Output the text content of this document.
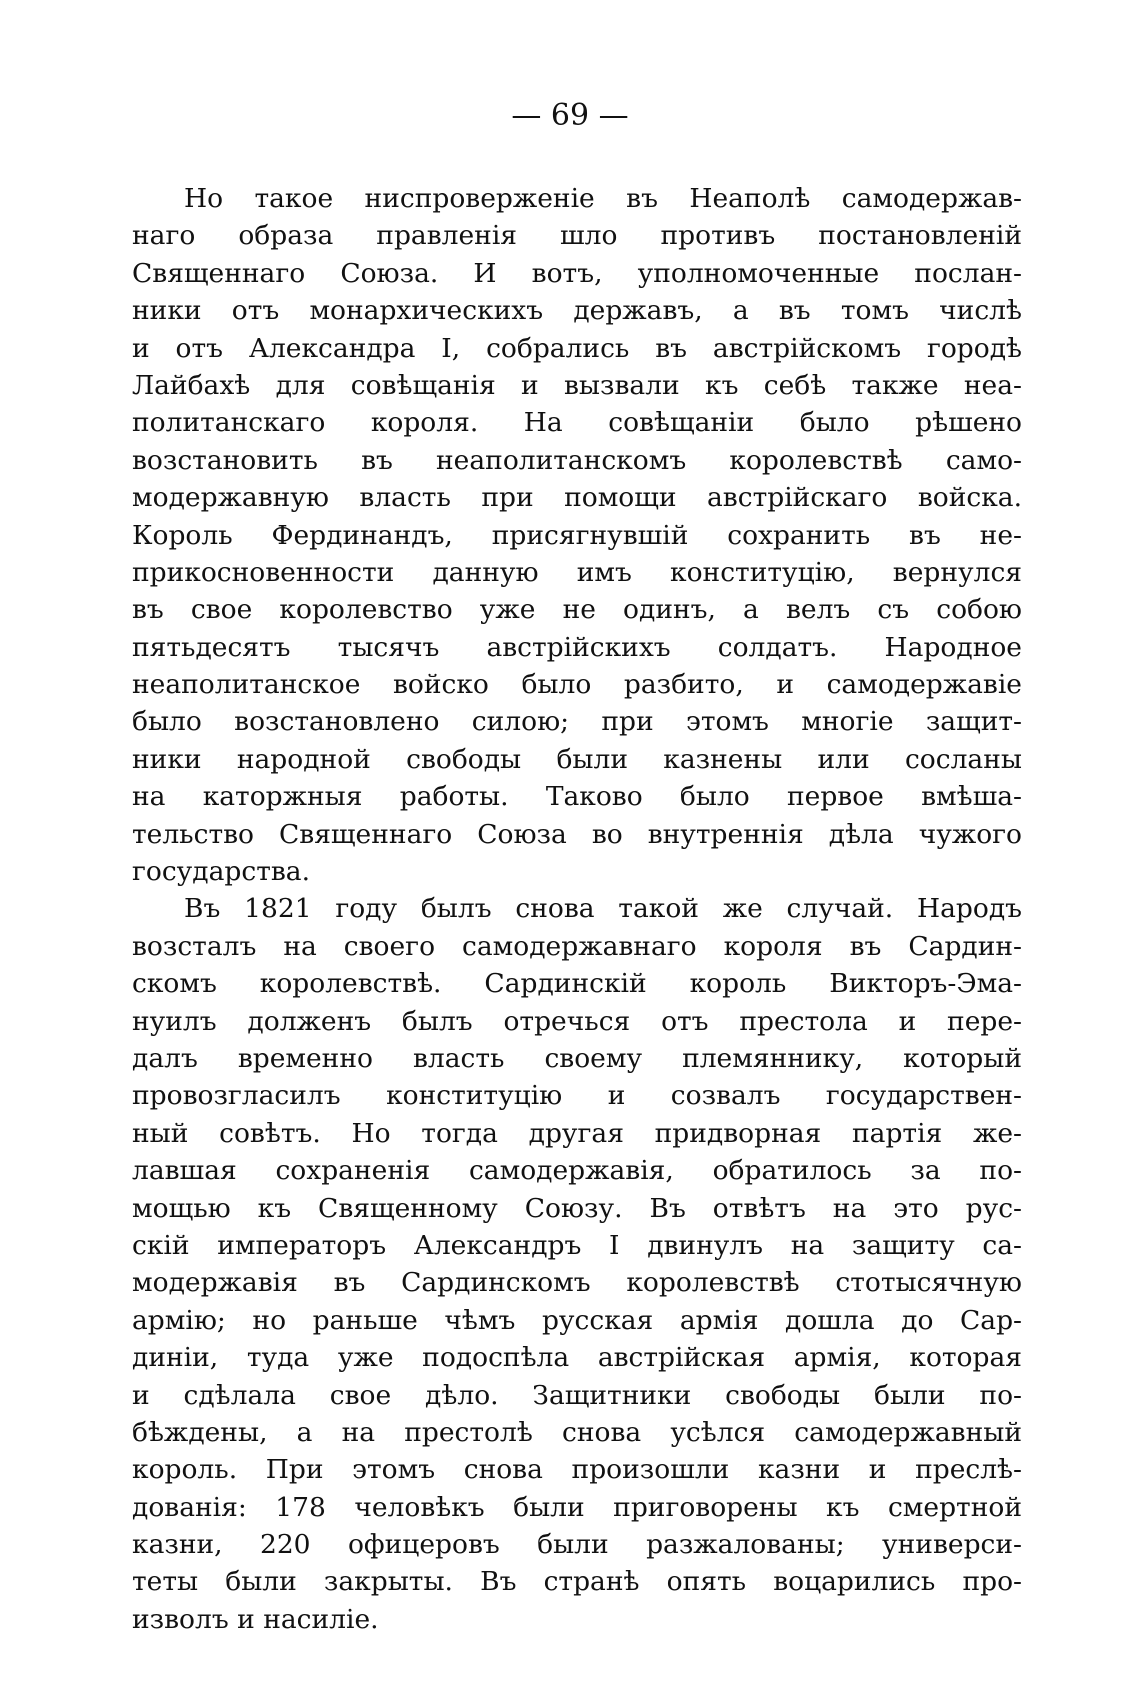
— 69 —
Но такое ниспроверженіе въ Неаполѣ самодержав-
наго образа правленія шло противъ постановленій
Священнаго Союза. И вотъ, уполномоченные послан-
ники отъ монархическихъ державъ, а въ томъ числѣ
и отъ Александра I, собрались въ австрійскомъ городѣ
Лайбахѣ для совѣщанія и вызвали къ себѣ также неа-
политанскаго короля. На совѣщаніи было рѣшено
возстановить въ неаполитанскомъ королевствѣ само-
модержавную власть при помощи австрійскаго войска.
Король Фердинандъ, присягнувшій сохранить въ не-
прикосновенности данную имъ конституцію, вернулся
въ свое королевство уже не одинъ, а велъ съ собою
пятьдесятъ тысячъ австрійскихъ солдатъ. Народное
неаполитанское войско было разбито, и самодержавіе
было возстановлено силою; при этомъ многіе защит-
ники народной свободы были казнены или сосланы
на каторжныя работы. Таково было первое вмѣша-
тельство Священнаго Союза во внутреннія дѣла чужого
государства.
Въ 1821 году былъ снова такой же случай. Народъ
возсталъ на своего самодержавнаго короля въ Сардин-
скомъ королевствѣ. Сардинскій король Викторъ-Эма-
нуилъ долженъ былъ отречься отъ престола и пере-
далъ временно власть своему племяннику, который
провозгласилъ конституцію и созвалъ государствен-
ный совѣтъ. Но тогда другая придворная партія же-
лавшая сохраненія самодержавія, обратилось за по-
мощью къ Священному Союзу. Въ отвѣтъ на это рус-
скій императоръ Александръ I двинулъ на защиту са-
модержавія въ Сардинскомъ королевствѣ стотысячную
армію; но раньше чѣмъ русская армія дошла до Сар-
диніи, туда уже подоспѣла австрійская армія, которая
и сдѣлала свое дѣло. Защитники свободы были по-
бѣждены, а на престолѣ снова усѣлся самодержавный
король. При этомъ снова произошли казни и преслѣ-
дованія: 178 человѣкъ были приговорены къ смертной
казни, 220 офицеровъ были разжалованы; универси-
теты были закрыты. Въ странѣ опять воцарились про-
изволъ и насиліе.
